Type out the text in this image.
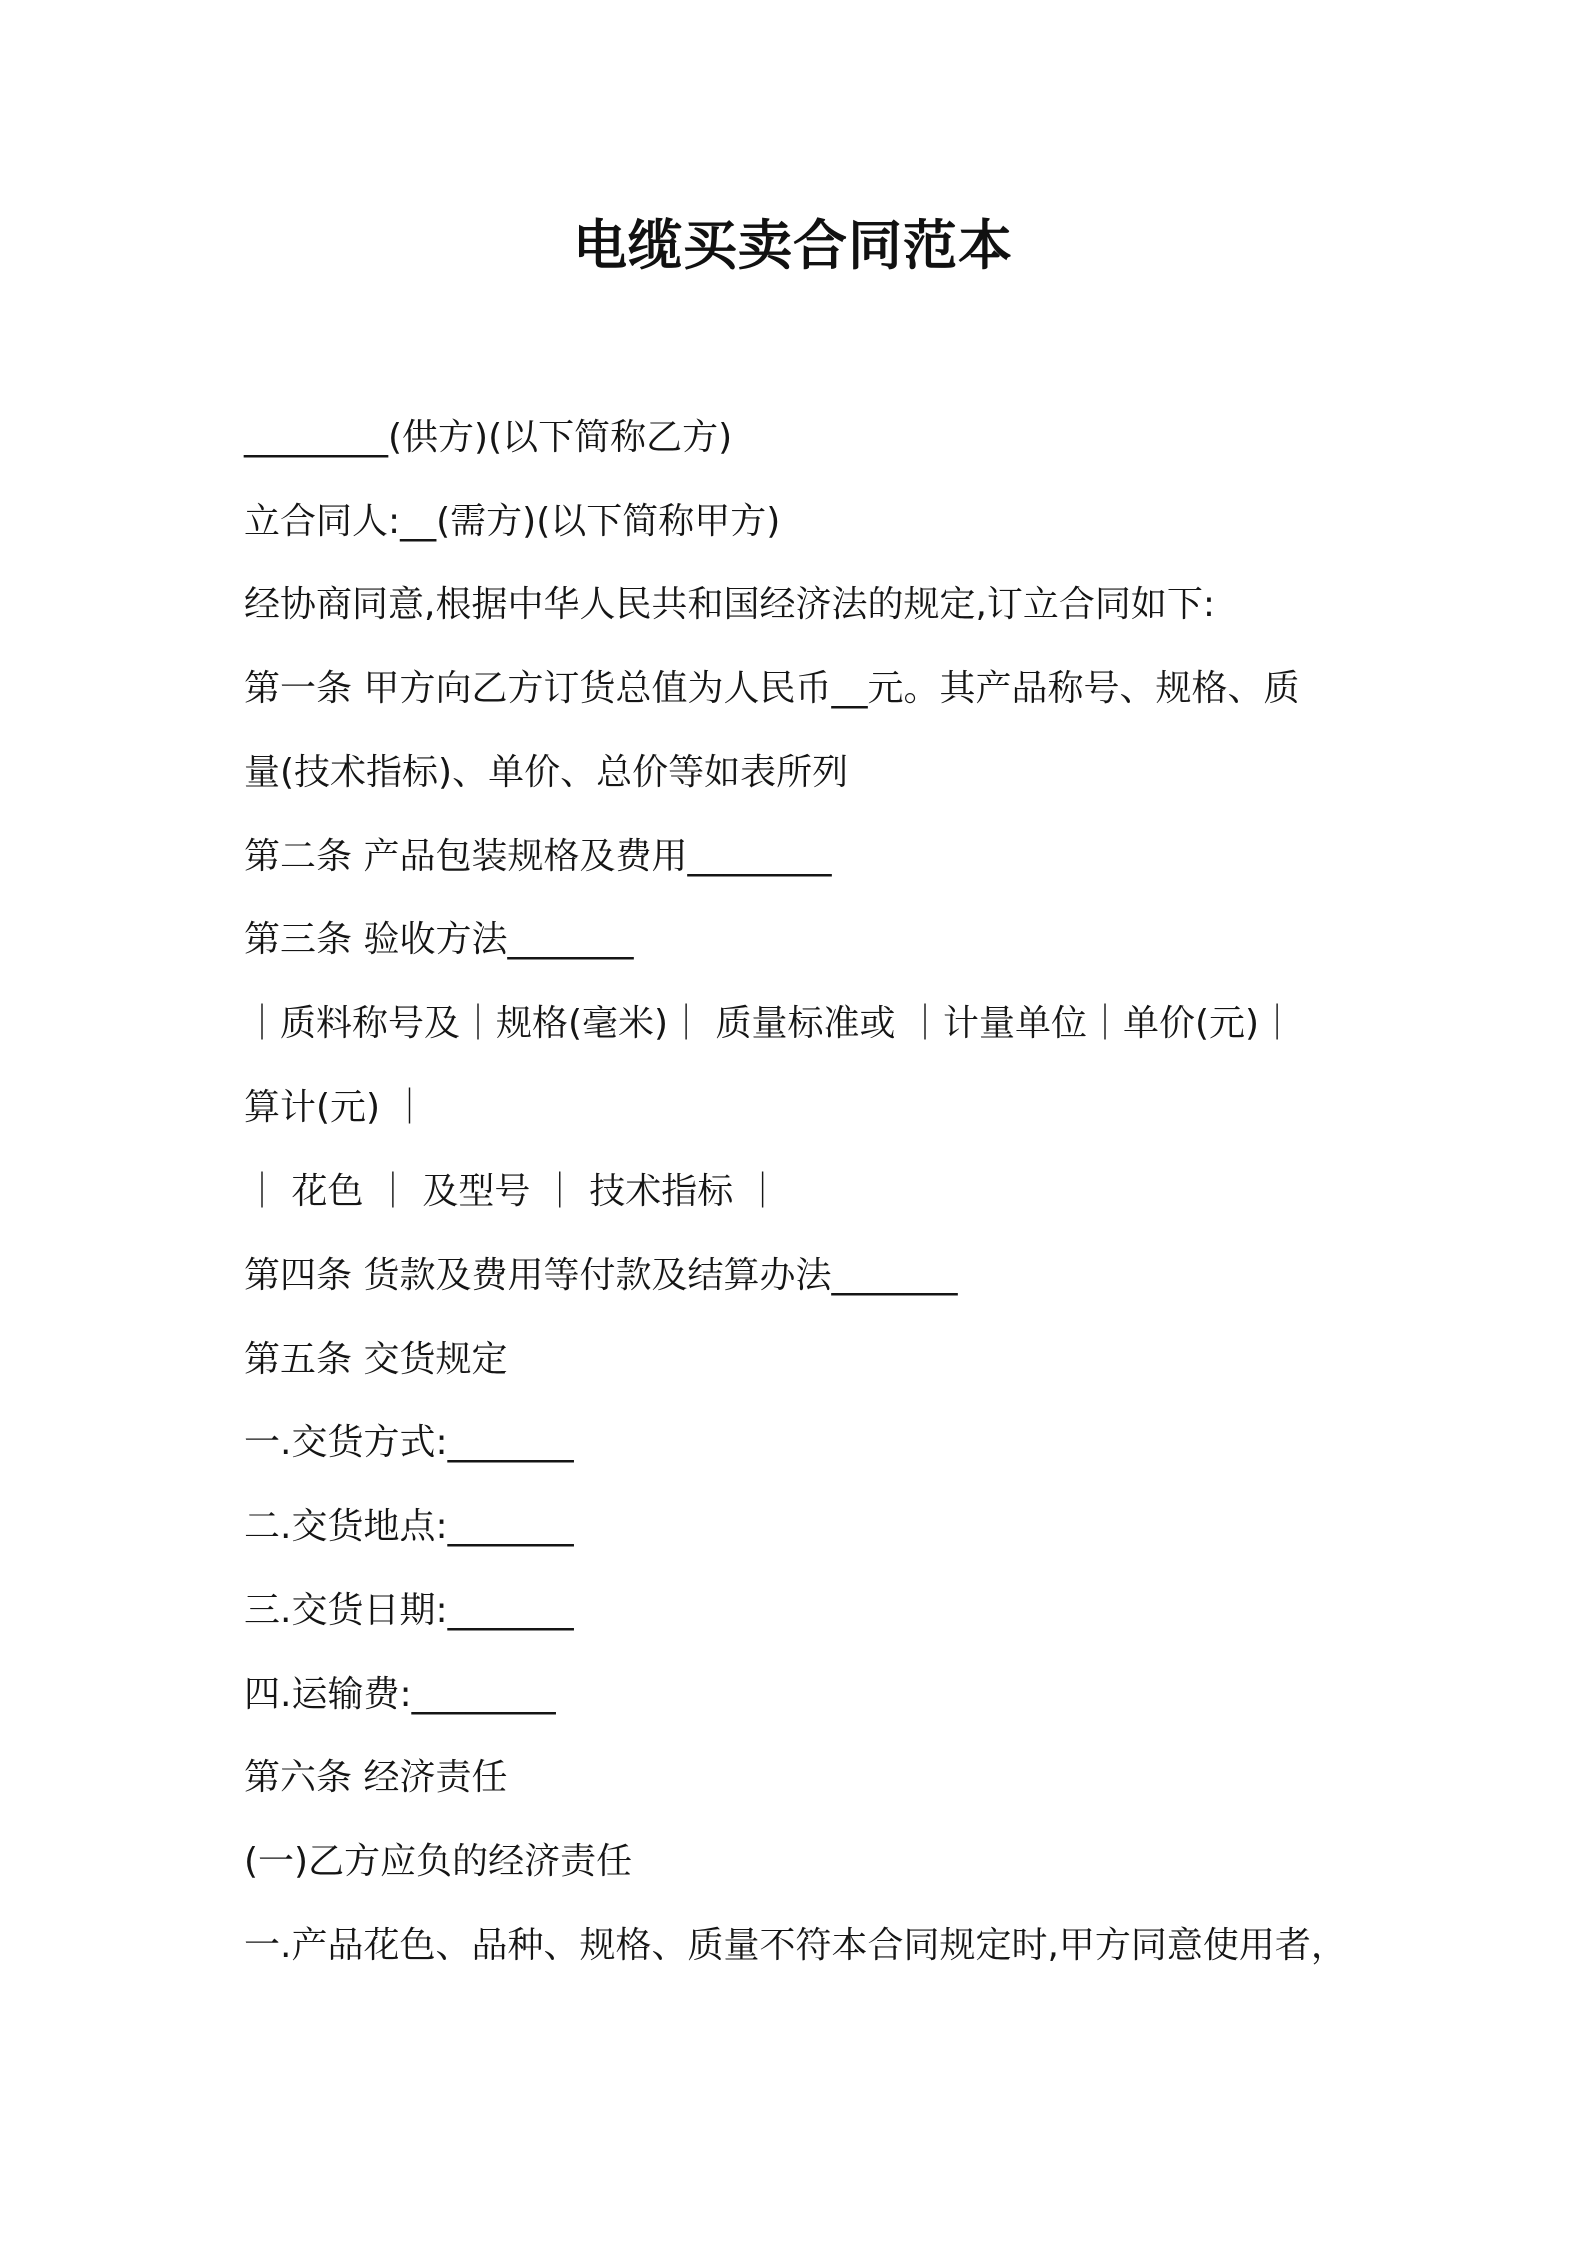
电缆买卖合同范本
________(供方)(以下简称乙方)
立合同人:__(需方)(以下简称甲方)
经协商同意,根据中华人民共和国经济法的规定,订立合同如下:
第一条 甲方向乙方订货总值为人民币__元。其产品称号、规格、质
量(技术指标)、单价、总价等如表所列
第二条 产品包装规格及费用________
第三条 验收方法_______
｜质料称号及｜规格(毫米)｜ 质量标准或 ｜计量单位｜单价(元)｜
算计(元) ｜
｜ 花色 ｜ 及型号 ｜ 技术指标 ｜
第四条 货款及费用等付款及结算办法_______
第五条 交货规定
一.交货方式:_______
二.交货地点:_______
三.交货日期:_______
四.运输费:________
第六条 经济责任
(一)乙方应负的经济责任
一.产品花色、品种、规格、质量不符本合同规定时,甲方同意使用者，
